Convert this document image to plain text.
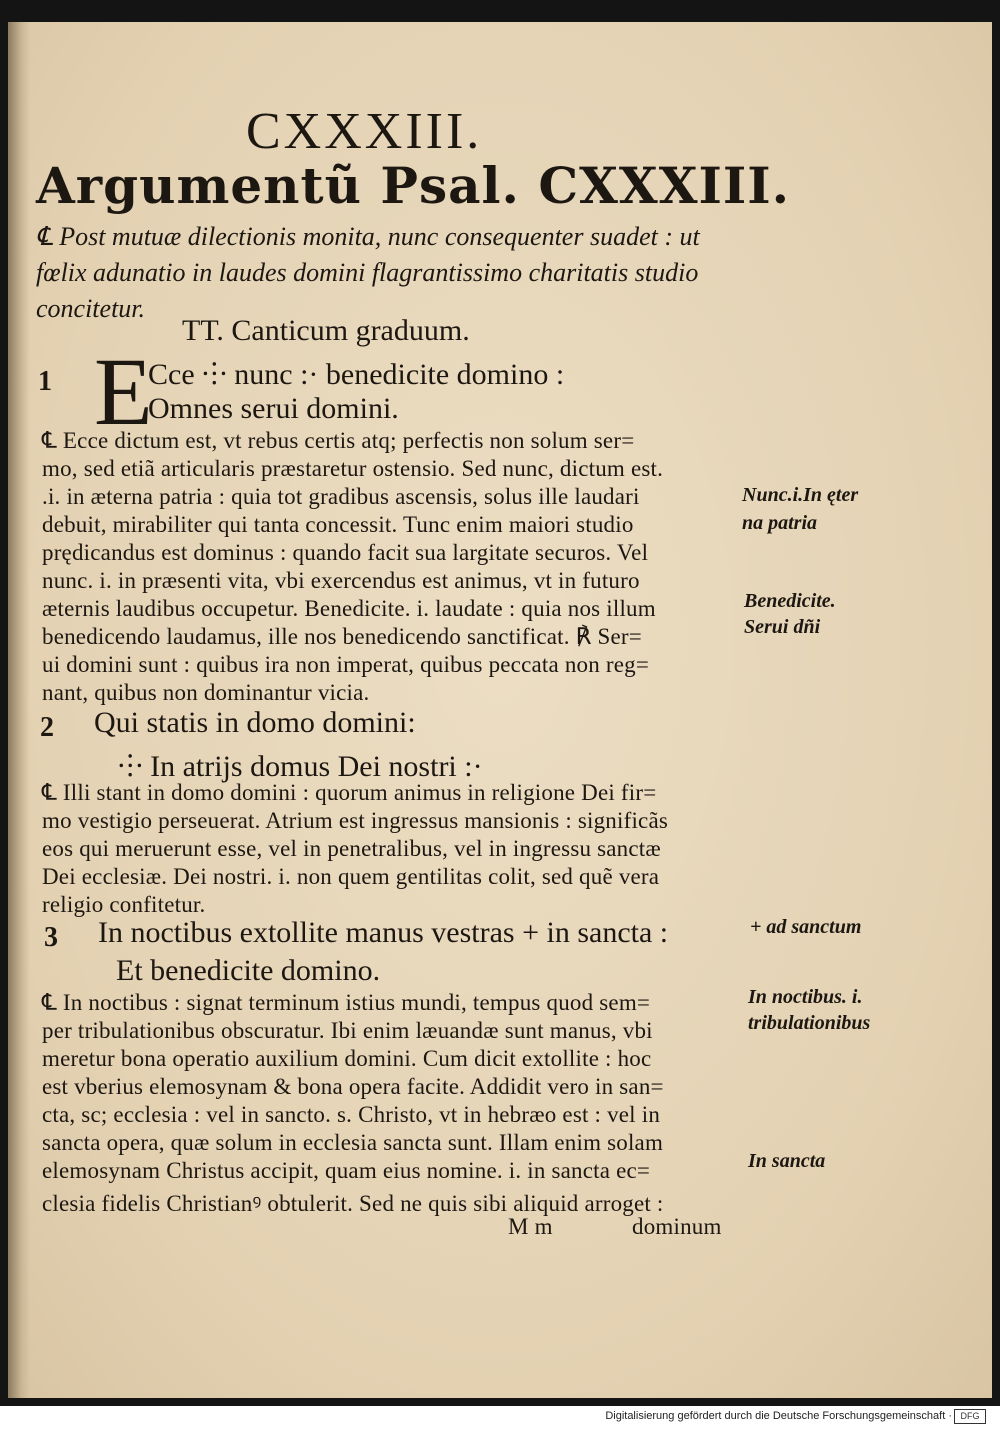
CXXXIII.
Argumentũ Psal. CXXXIII.
℄ Post mutuæ dilectionis monita, nunc consequenter suadet : ut
fœlix adunatio in laudes domini flagrantissimo charitatis studio
concitetur.
TT. Canticum graduum.
1 E
Cce ⸭ nunc :· benedicite domino :
Omnes serui domini.
℄ Ecce dictum est, vt rebus certis atq; perfectis non solum ser=
mo, sed etiã articularis præstaretur ostensio. Sed nunc, dictum est.
.i. in æterna patria : quia tot gradibus ascensis, solus ille laudari
debuit, mirabiliter qui tanta concessit. Tunc enim maiori studio
prędicandus est dominus : quando facit sua largitate securos. Vel
nunc. i. in præsenti vita, vbi exercendus est animus, vt in futuro
æternis laudibus occupetur. Benedicite. i. laudate : quia nos illum
benedicendo laudamus, ille nos benedicendo sanctificat. ℟ Ser=
ui domini sunt : quibus ira non imperat, quibus peccata non reg=
nant, quibus non dominantur vicia.
2 Qui statis in domo domini:
⸭ In atrijs domus Dei nostri :·
℄ Illi stant in domo domini : quorum animus in religione Dei fir=
mo vestigio perseuerat. Atrium est ingressus mansionis : significãs
eos qui meruerunt esse, vel in penetralibus, vel in ingressu sanctæ
Dei ecclesiæ. Dei nostri. i. non quem gentilitas colit, sed quẽ vera
religio confitetur.
3 In noctibus extollite manus vestras + in sancta :
Et benedicite domino.
℄ In noctibus : signat terminum istius mundi, tempus quod sem=
per tribulationibus obscuratur. Ibi enim læuandæ sunt manus, vbi
meretur bona operatio auxilium domini. Cum dicit extollite : hoc
est vberius elemosynam & bona opera facite. Addidit vero in san=
cta, sc; ecclesia : vel in sancto. s. Christo, vt in hebræo est : vel in
sancta opera, quæ solum in ecclesia sancta sunt. Illam enim solam
elemosynam Christus accipit, quam eius nomine. i. in sancta ec=
clesia fidelis Christianꝰ obtulerit. Sed ne quis sibi aliquid arroget :
M m	dominum
Nunc.i.In ęter
na patria
Benedicite.
Serui dñi
+ ad sanctum
In noctibus. i.
tribulationibus
In sancta
Digitalisierung gefördert durch die Deutsche Forschungsgemeinschaft · DFG
